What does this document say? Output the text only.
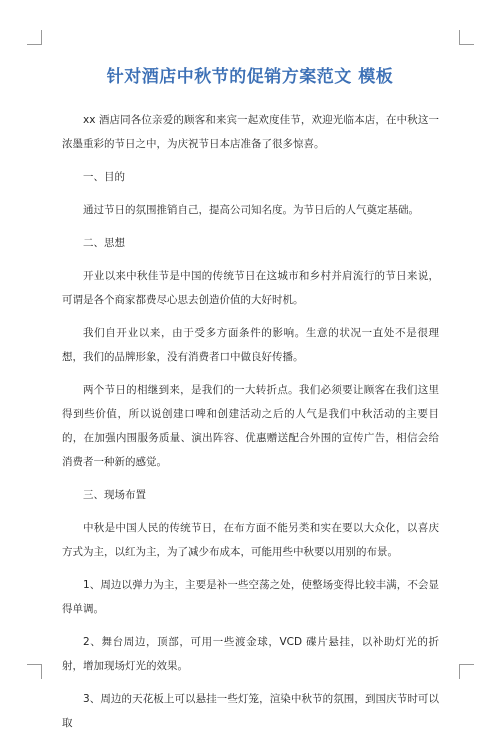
针对酒店中秋节的促销方案范文 模板

xx 酒店同各位亲爱的顾客和来宾一起欢度佳节，欢迎光临本店，在中秋这一浓墨重彩的节日之中，为庆祝节日本店准备了很多惊喜。

一、目的

通过节日的氛围推销自己，提高公司知名度。为节日后的人气奠定基础。

二、思想

开业以来中秋佳节是中国的传统节日在这城市和乡村并肩流行的节日来说，可谓是各个商家都费尽心思去创造价值的大好时机。

我们自开业以来，由于受多方面条件的影响。生意的状况一直处不是很理想，我们的品牌形象，没有消费者口中做良好传播。

两个节日的相继到来，是我们的一大转折点。我们必须要让顾客在我们这里得到些价值，所以说创建口啤和创建活动之后的人气是我们中秋活动的主要目的，在加强内围服务质量、演出阵容、优惠赠送配合外围的宣传广告，相信会给消费者一种新的感觉。

三、现场布置

中秋是中国人民的传统节日，在布方面不能另类和实在要以大众化，以喜庆方式为主，以红为主，为了减少布成本，可能用些中秋要以用别的布景。

1、周边以弹力为主，主要是补一些空荡之处，使整场变得比较丰满，不会显得单调。

2、舞台周边，顶部，可用一些渡金球，VCD 碟片悬挂，以补助灯光的折射，增加现场灯光的效果。

3、周边的天花板上可以悬挂一些灯笼，渲染中秋节的氛围，到国庆节时可以取
